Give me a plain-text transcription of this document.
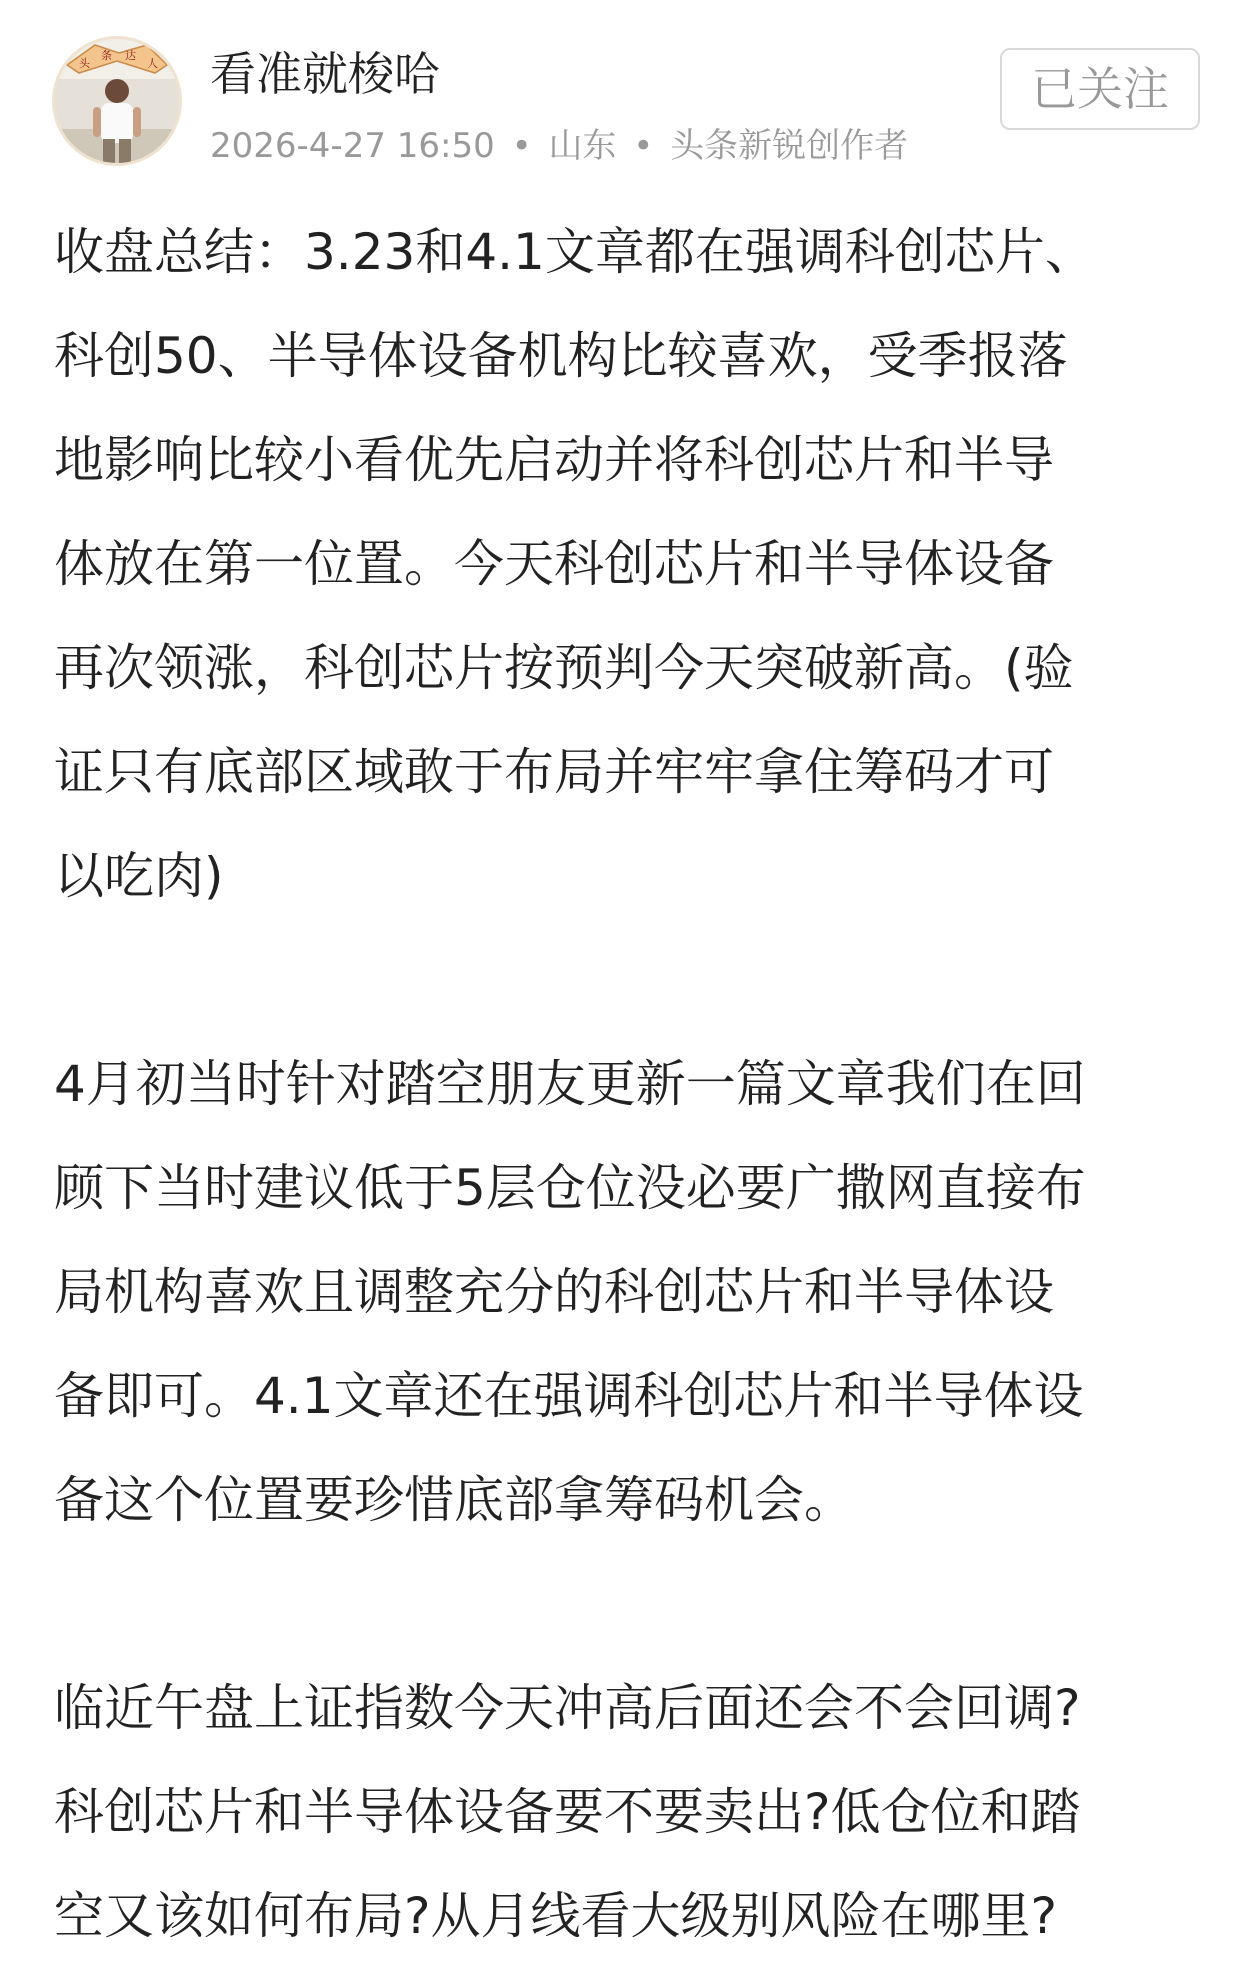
头
条 达
人 看准就梭哈
2026-4-27 16:50 • 山东 • 头条新锐创作者
已关注

收盘总结：3.23和4.1文章都在强调科创芯片、
科创50、半导体设备机构比较喜欢，受季报落
地影响比较小看优先启动并将科创芯片和半导
体放在第一位置。今天科创芯片和半导体设备
再次领涨，科创芯片按预判今天突破新高。(验
证只有底部区域敢于布局并牢牢拿住筹码才可
以吃肉)

4月初当时针对踏空朋友更新一篇文章我们在回
顾下当时建议低于5层仓位没必要广撒网直接布
局机构喜欢且调整充分的科创芯片和半导体设
备即可。4.1文章还在强调科创芯片和半导体设
备这个位置要珍惜底部拿筹码机会。

临近午盘上证指数今天冲高后面还会不会回调?
科创芯片和半导体设备要不要卖出?低仓位和踏
空又该如何布局?从月线看大级别风险在哪里?
